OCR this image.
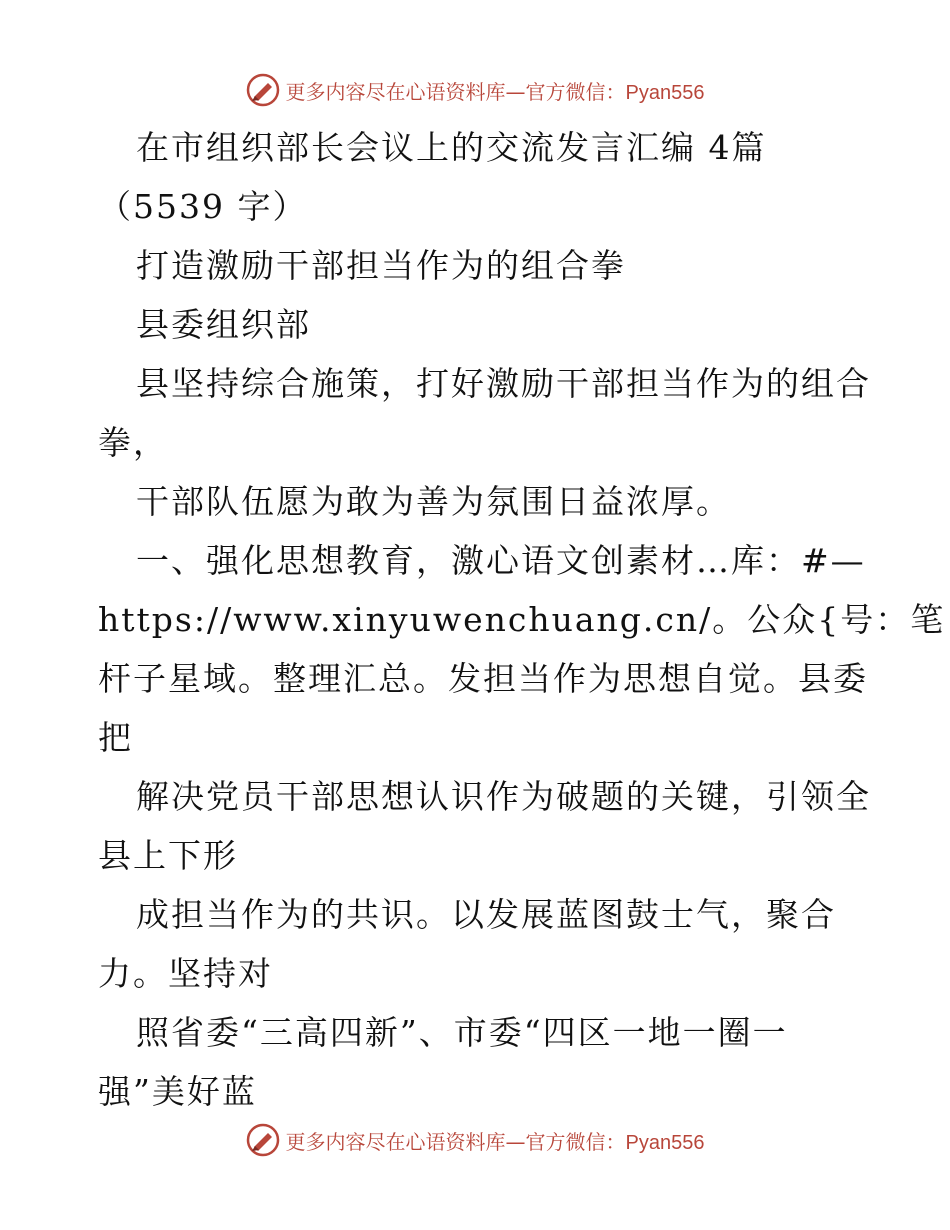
更多内容尽在心语资料库— 官方微信：Pyan556
在市组织部长会议上的交流发言汇编 4篇
（5539 字）
打造激励干部担当作为的组合拳
县委组织部
县坚持综合施策，打好激励干部担当作为的组合
拳，
干部队伍愿为敢为善为氛围日益浓厚。
一、强化思想教育，激心语文创素材…库：#—
https://www.xinyuwenchuang.cn/。公众{号：笔
杆子星域。整理汇总。发担当作为思想自觉。县委
把
解决党员干部思想认识作为破题的关键，引领全
县上下形
成担当作为的共识。以发展蓝图鼓士气，聚合
力。坚持对
照省委“三高四新”、市委“四区一地一圈一
强”美好蓝
更多内容尽在心语资料库— 官方微信：Pyan556
